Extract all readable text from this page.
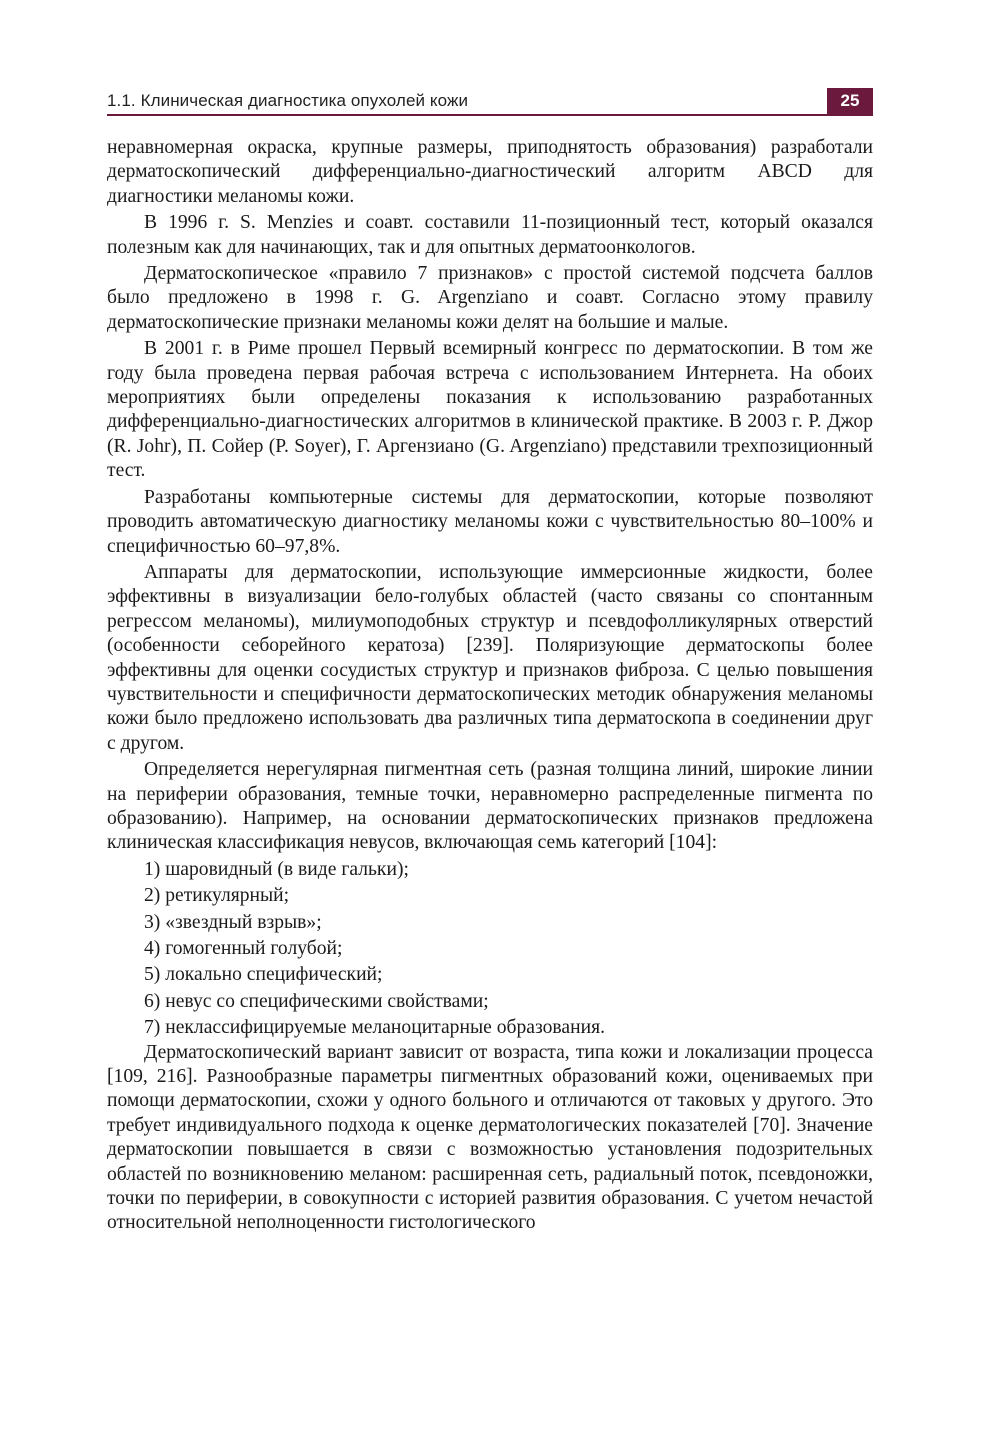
1.1. Клиническая диагностика опухолей кожи	25

неравномерная окраска, крупные размеры, приподнятость образования) разработали дерматоскопический дифференциально-диагностический алгоритм ABCD для диагностики меланомы кожи.

В 1996 г. S. Menzies и соавт. составили 11-позиционный тест, который оказался полезным как для начинающих, так и для опытных дерматоонкологов.

Дерматоскопическое «правило 7 признаков» с простой системой подсчета баллов было предложено в 1998 г. G. Argenziano и соавт. Согласно этому правилу дерматоскопические признаки меланомы кожи делят на большие и малые.

В 2001 г. в Риме прошел Первый всемирный конгресс по дерматоскопии. В том же году была проведена первая рабочая встреча с использованием Интернета. На обоих мероприятиях были определены показания к использованию разработанных дифференциально-диагностических алгоритмов в клинической практике. В 2003 г. Р. Джор (R. Johr), П. Сойер (P. Soyer), Г. Аргензиано (G. Argenziano) представили трехпозиционный тест.

Разработаны компьютерные системы для дерматоскопии, которые позволяют проводить автоматическую диагностику меланомы кожи с чувствительностью 80–100% и специфичностью 60–97,8%.

Аппараты для дерматоскопии, использующие иммерсионные жидкости, более эффективны в визуализации бело-голубых областей (часто связаны со спонтанным регрессом меланомы), милиумоподобных структур и псевдофолликулярных отверстий (особенности себорейного кератоза) [239]. Поляризующие дерматоскопы более эффективны для оценки сосудистых структур и признаков фиброза. С целью повышения чувствительности и специфичности дерматоскопических методик обнаружения меланомы кожи было предложено использовать два различных типа дерматоскопа в соединении друг с другом.

Определяется нерегулярная пигментная сеть (разная толщина линий, широкие линии на периферии образования, темные точки, неравномерно распределенные пигмента по образованию). Например, на основании дерматоскопических признаков предложена клиническая классификация невусов, включающая семь категорий [104]:

1) шаровидный (в виде гальки);
2) ретикулярный;
3) «звездный взрыв»;
4) гомогенный голубой;
5) локально специфический;
6) невус со специфическими свойствами;
7) неклассифицируемые меланоцитарные образования.

Дерматоскопический вариант зависит от возраста, типа кожи и локализации процесса [109, 216]. Разнообразные параметры пигментных образований кожи, оцениваемых при помощи дерматоскопии, схожи у одного больного и отличаются от таковых у другого. Это требует индивидуального подхода к оценке дерматологических показателей [70]. Значение дерматоскопии повышается в связи с возможностью установления подозрительных областей по возникновению меланом: расширенная сеть, радиальный поток, псевдоножки, точки по периферии, в совокупности с историей развития образования. С учетом нечастой относительной неполноценности гистологического
